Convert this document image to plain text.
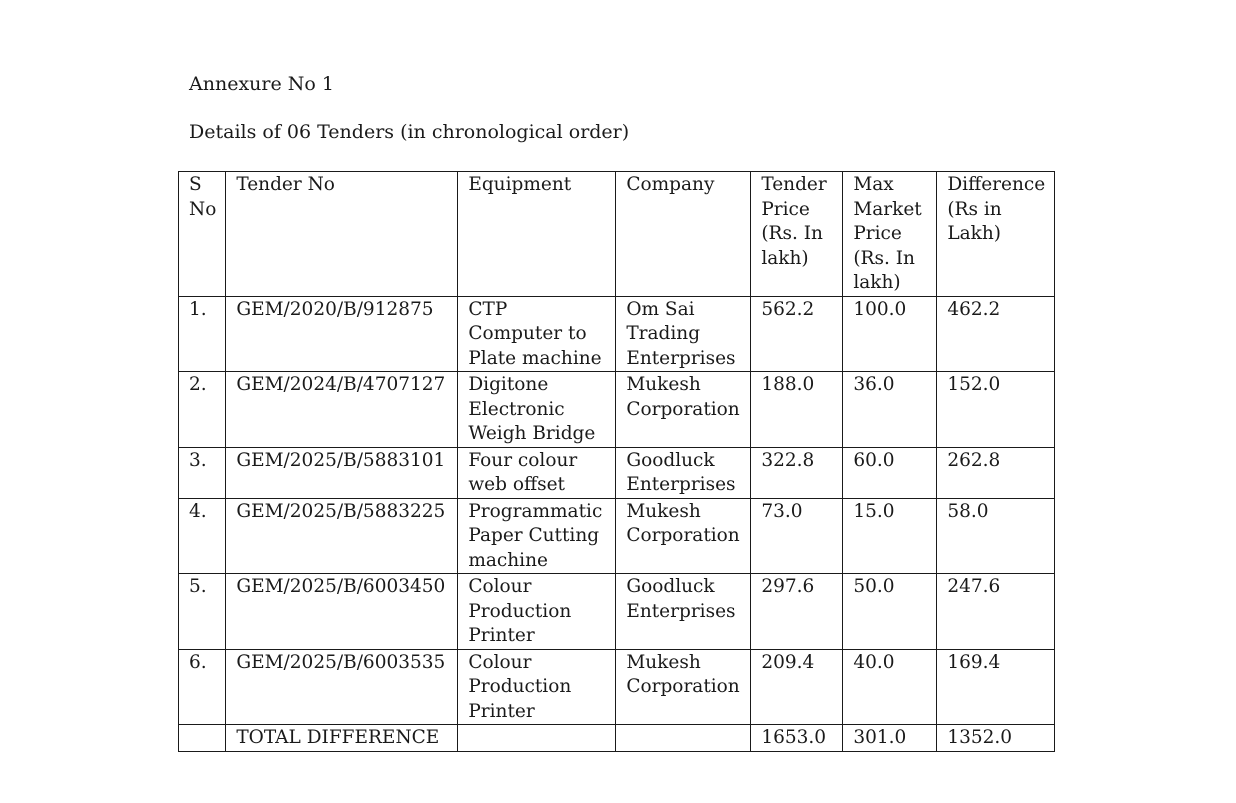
Annexure No 1

Details of 06 Tenders (in chronological order)

S No	Tender No	Equipment	Company	Tender Price (Rs. In lakh)	Max Market Price (Rs. In lakh)	Difference (Rs in Lakh)
1.	GEM/2020/B/912875	CTP Computer to Plate machine	Om Sai Trading Enterprises	562.2	100.0	462.2
2.	GEM/2024/B/4707127	Digitone Electronic Weigh Bridge	Mukesh Corporation	188.0	36.0	152.0
3.	GEM/2025/B/5883101	Four colour web offset	Goodluck Enterprises	322.8	60.0	262.8
4.	GEM/2025/B/5883225	Programmatic Paper Cutting machine	Mukesh Corporation	73.0	15.0	58.0
5.	GEM/2025/B/6003450	Colour Production Printer	Goodluck Enterprises	297.6	50.0	247.6
6.	GEM/2025/B/6003535	Colour Production Printer	Mukesh Corporation	209.4	40.0	169.4
	TOTAL DIFFERENCE			1653.0	301.0	1352.0
